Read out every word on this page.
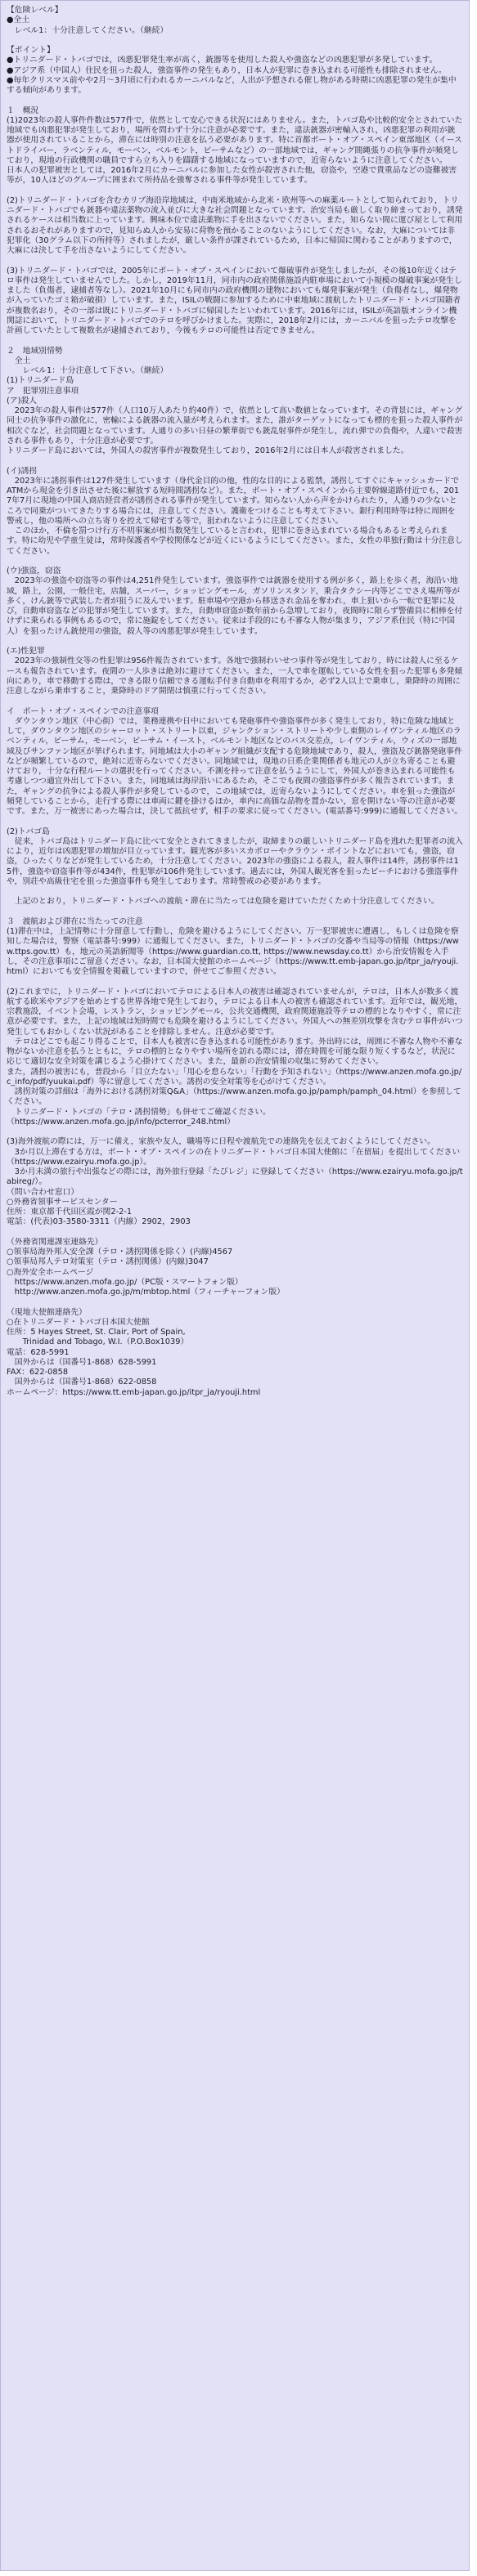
【危険レベル】

●全土

　レベル1：十分注意してください。（継続）

【ポイント】

●トリニダード・トバゴでは，凶悪犯罪発生率が高く，銃器等を使用した殺人や強盗などの凶悪犯罪が多発しています。

●アジア系（中国人）住民を狙った殺人，強盗事件の発生もあり，日本人が犯罪に巻き込まれる可能性も排除されません。

●毎年クリスマス前やや2月～3月頃に行われるカーニバルなど，人出が予想される催し物がある時期に凶悪犯罪の発生が集中する傾向があります。

１　概況

(1)2023年の殺人事件件数は577件で，依然として安心できる状況にはありません。また，トバゴ島や比較的安全とされていた地域でも凶悪犯罪が発生しており，場所を問わず十分に注意が必要です。また，違法銃器が密輸入され，凶悪犯罪の利用が銃器が使用されていることから，滞在には時別の注意を払う必要があります。特に首都ポート・オブ・スペイン東部地区（イーストドライバー，ラベンティル，モーベン，ベルモント，ビーサムなど）の一部地域では，ギャング間縄張りの抗争事件が頻発しており，現地の行政機関の職員ですら立ち入りを躊躇する地域になっていますので，近寄らないように注意してください。

日本人の犯罪被害としては，2016年2月にカーニバルに参加した女性が殺害された他，窃盗や，空港で貴重品などの盗難被害等が，10人ほどのグループに囲まれて所持品を強奪される事件等が発生しています。

(2)トリニダード・トバゴを含むカリブ海沿岸地域は，中南米地域から北米・欧州等への麻薬ルートとして知られており，トリニダード・トバゴでも銃器や違法薬物の流入並びに大きな社会問題となっています。治安当局も厳しく取り締まっており，誘発されるケースは相当数に上っています。興味本位で違法薬物に手を出さないでください。また，知らない間に運び屋として利用されるおそれがありますので，見知らぬ人から安易に荷物を預かることのないようにしてください。なお，大麻については非犯罪化（30グラム以下の所持等）されましたが，厳しい条件が課されているため，日本に帰国に関わることがありますので，大麻には決して手を出さないようにしてください。

(3)トリニダード・トバゴでは，2005年にポート・オブ・スペインにおいて爆破事件が発生しましたが，その後10年近くはテロ事件は発生していませんでした。しかし，2019年11月，同市内の政府関係施設内駐車場において小規模の爆破事案が発生しました（負傷者，逮捕者等なし）。2021年10月にも同市内の政府機関の建物においても爆発事案が発生（負傷者なし，爆発物が入っていたゴミ箱が破損）しています。また，ISILの戦闘に参加するために中東地域に渡航したトリニダード・トバゴ国籍者が複数名おり，その一部は既にトリニダード・トバゴに帰国したといわれています。2016年には，ISILが英語版オンライン機関誌において，トリニダード・トバゴでのテロを呼びかけました。実際に，2018年2月には，カーニバルを狙ったテロ攻撃を計画していたとして複数名が逮捕されており，今後もテロの可能性は否定できません。

２　地域別情勢

　全土

　　レベル1：十分注意して下さい。（継続）

(1)トリニダード島

ア　犯罪別注意事項

(ア)殺人

　2023年の殺人事件は577件（人口10万人あたり約40件）で，依然として高い数値となっています。その背景には，ギャング同士の抗争事件の激化に，密輸による銃器の流入量が考えられます。また，誰がターゲットになっても標的を狙った殺人事件が相次ぐなど，社会問題となっています。人通りの多い日昼の繁華街でも銃乱射事件が発生し，流れ弾での負傷や，人違いで殺害される事件もあり，十分注意が必要です。

トリニダード島においては，外国人の殺害事件が複数発生しており，2016年2月には日本人が殺害されました。

(イ)誘拐

　2023年に誘拐事件は127件発生しています（身代金目的の他，性的な目的による監禁，誘拐してすぐにキャッシュカードでATMから現金を引き出させた後に解放する短時間誘拐など）。また，ポート・オブ・スペインから主要幹線道路付近でも，2017年7月に現地の中国人商店経営者が誘拐される事件が発生しています。知らない人から声をかけられたり，人通りの少ないところで同乗がついてきたりする場合には，注意してください。護衛をつけることも考えて下さい。銀行利用時等は特に周囲を警戒し，他の場所への立ち寄りを控えて帰宅する等で，狙われないように注意してください。

　このほか，不倫を罰つけ行方不明事案が相当数発生していると言われ，犯罪に巻き込まれている場合もあると考えられます。特に幼児や学童生徒は，常時保護者や学校関係などが近くにいるようにしてください。また，女性の単独行動は十分注意してください。

(ウ)強盗，窃盗

　2023年の強盗や窃盗等の事件は4,251件発生しています。強盗事件では銃器を使用する例が多く，路上を歩く者，海沿い地域，路上，公園，一般住宅，店舗，スーパー，ショッピングモール，ガソリンスタンド，乗合タクシー内等どこでさえ場所等が多く，けん銃等で武装した者が狙うに及んでいます。駐車場や空港から移送され金品を奪われ，車上狙いから一転で犯罪に及び，自動車窃盗などの犯罪が発生しています。また，自動車窃盗が数年前から急増しており，夜間時に限らず警備員に相棒を付けずに乗られる事例もあるので，常に施錠をしてください。従来は手段的にも不審な人物が集まり，アジア系住民（特に中国人）を狙ったけん銃使用の強盗，殺人等の凶悪犯罪が発生しています。

(エ)性犯罪

　2023年の強制性交等の性犯罪は956件報告されています。各地で強制わいせつ事件等が発生しており，時には殺人に至るケースも報告されています。夜間の一人歩きは絶対に避けてください。また，一人で車を運転している女性を狙った犯罪も多発傾向にあり，車で移動する際は，できる限り信頼できる運転手付き自動車を利用するか，必ず2人以上で乗車し，乗降時の周囲に注意しながら乗車すること，乗降時のドア開閉は慎重に行ってください。

イ　ポート・オブ・スペインでの注意事項

　ダウンタウン地区（中心街）では，業務連携や日中においても発砲事件や強盗事件が多く発生しており，特に危険な地域として，ダウンタウン地区のシャーロット・ストリート以東，ジャンクション・ストリートや少し東側のレイヴンティル地区のラベンティル，ビーサム，モーベン，ビーサム・イースト，ベルモント地区などのバス交差点，レイヴンティル，ウィズの一部地域及びサンファン地区が挙げられます。同地域は大小のギャング組織が支配する危険地域であり，殺人，強盗及び銃器発砲事件などが頻繁しているので，絶対に近寄らないでください。同地域では，現地の日系企業関係者も地元の人が立ち寄ることも避けており，十分な行程ルートの選択を行ってください。不測を持って注意を払うようにして，外国人が巻き込まれる可能性も考慮しつつ適宜外出して下さい。また，同地域は海岸沿いにあるため，そこでも夜間の強盗事件が多く報告されています。また，ギャングの抗争による殺人事件が多発しているので，この地域では，近寄らないようにしてください。車を狙った強盗が頻発していることから，走行する際には車両に鍵を掛けるほか，車内に高価な品物を置かない，窓を開けない等の注意が必要です。また，万一被害にあった場合は，決して抵抗せず，相手の要求に従ってください。(電話番号:999)に通報してください。

(2)トバゴ島

　従来，トバゴ島はトリニダード島に比べて安全とされてきましたが，取締まりの厳しいトリニダード島を逃れた犯罪者の流入により，近年は凶悪犯罪の増加が目立っています。観光客が多いスカボローやクラウン・ポイントなどにおいても，強盗，窃盗，ひったくりなどが発生しているため，十分注意してください。2023年の強盗による殺人，殺人事件は14件，誘拐事件は15件，強盗や窃盗事件等が434件，性犯罪が106件発生しています。過去には，外国人観光客を狙ったビーチにおける強盗事件や，別荘や高級住宅を狙った強盗事件も発生しております。常時警戒の必要があります。

　上記のとおり，トリニダード・トバゴへの渡航・滞在に当たっては危険を避けていただくため十分注意してください。

３　渡航および滞在に当たっての注意

(1)滞在中は，上記情勢に十分留意して行動し，危険を避けるようにしてください。万一犯罪被害に遭遇し，もしくは危険を察知した場合は，警察（電話番号:999）に通報してください。また，トリニダード・トバゴの交番や当局等の情報（https://www.ttps.gov.tt）も，地元の英語新聞等（https://www.guardian.co.tt, https://www.newsday.co.tt）から治安情報を入手し，その注意事項にご留意ください。なお，日本国大使館のホームページ（https://www.tt.emb-japan.go.jp/itpr_ja/ryouji.html）においても安全情報を掲載していますので，併せてご参照ください。

(2)これまでに，トリニダード・トバゴにおいてテロによる日本人の被害は確認されていませんが，テロは，日本人が数多く渡航する欧米やアジアを始めとする世界各地で発生しており，テロによる日本人の被害も確認されています。近年では，観光地，宗教施設，イベント会場，レストラン，ショッピングモール，公共交通機関，政府関連施設等テロの標的となりやすく，常に注意が必要です。また，上記の地域は短時間でも危険を避けるようにしてください。外国人への無差別攻撃を含むテロ事件がいつ発生してもおかしくない状況があることを排除しません。注意が必要です。

　テロはどこでも起こり得ることで，日本人も被害に巻き込まれる可能性があります。外出時には，周囲に不審な人物や不審な物がないか注意を払うとともに，テロの標的となりやすい場所を訪れる際には，滞在時間を可能な限り短くするなど，状況に応じて適切な安全対策を講じるよう心掛けてください。また，最新の治安情報の収集に努めてください。

また，誘拐の被害にも，普段から「目立たない」「用心を怠らない」「行動を予知されない」（https://www.anzen.mofa.go.jp/c_info/pdf/yuukai.pdf）等に留意してください。誘拐の安全対策等を心がけてください。

　誘拐対策の詳細は「海外における誘拐対策Q&A」（https://www.anzen.mofa.go.jp/pamph/pamph_04.html）を参照してください。

　トリニダード・トバゴの「テロ・誘拐情勢」も併せてご確認ください。

（https://www.anzen.mofa.go.jp/info/pcterror_248.html）

(3)海外渡航の際には，万一に備え，家族や友人，職場等に日程や渡航先での連絡先を伝えておくようにしてください。

　3か月以上滞在する方は，ポート・オブ・スペインの在トリニダード・トバゴ日本国大使館に「在留届」を提出してください（https://www.ezairyu.mofa.go.jp）。

　3か月未満の旅行や出張などの際には，海外旅行登録「たびレジ」に登録してください（https://www.ezairyu.mofa.go.jp/tabireg/）。

（問い合わせ窓口）

○外務省領事サービスセンター

住所：東京都千代田区霞が関2-2-1

電話：(代表)03-3580-3311（内線）2902，2903

（外務省関連課室連絡先）

○領事局海外邦人安全課（テロ・誘拐関係を除く）(内線)4567

○領事局邦人テロ対策室（テロ・誘拐関係）(内線)3047

○海外安全ホームページ

　https://www.anzen.mofa.go.jp/（PC版・スマートフォン版）

　http://www.anzen.mofa.go.jp/m/mbtop.html（フィーチャーフォン版）

（現地大使館連絡先）

○在トリニダード・トバゴ日本国大使館

住所：5 Hayes Street, St. Clair, Port of Spain,

　　Trinidad and Tobago, W.I.（P.O.Box1039）

電話：628-5991

　国外からは（国番号1-868）628-5991

FAX：622-0858

　国外からは（国番号1-868）622-0858

ホームページ：https://www.tt.emb-japan.go.jp/itpr_ja/ryouji.html
